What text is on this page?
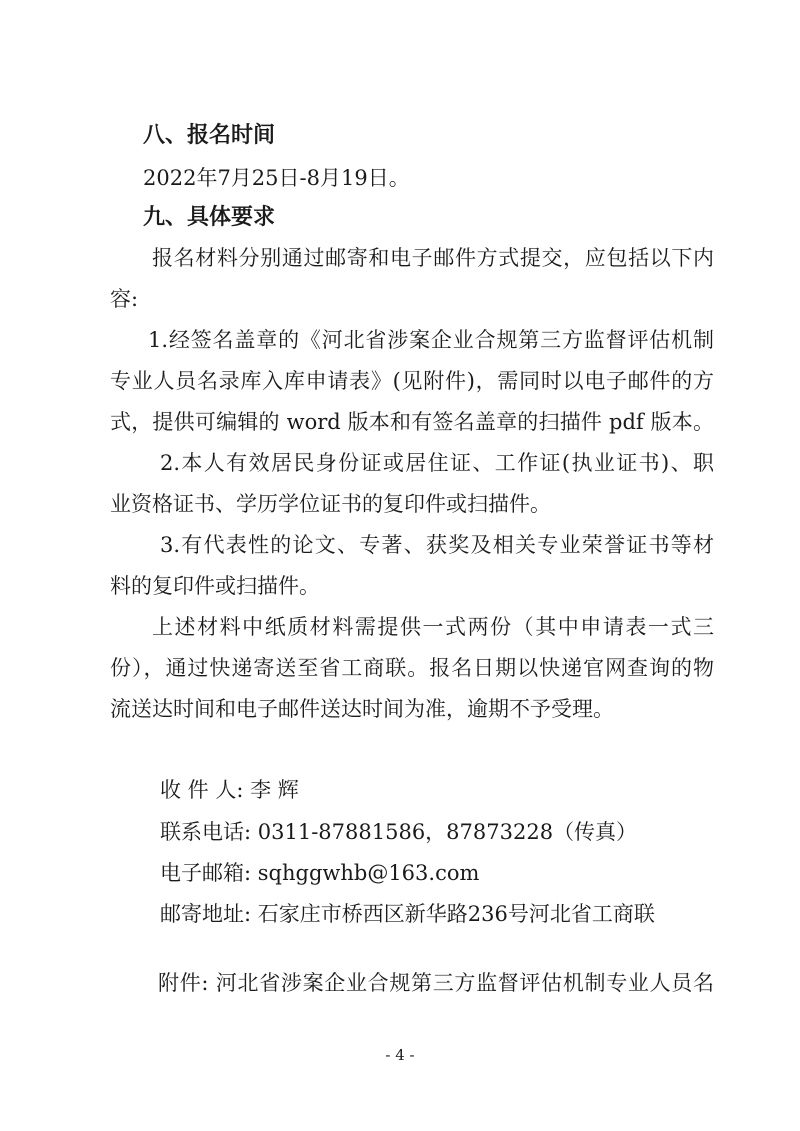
八、报名时间
2022年7月25日-8月19日。
九、具体要求
报名材料分别通过邮寄和电子邮件方式提交，应包括以下内
容:
1.经签名盖章的《河北省涉案企业合规第三方监督评估机制
专业人员名录库入库申请表》(见附件)，需同时以电子邮件的方
式，提供可编辑的 word 版本和有签名盖章的扫描件 pdf 版本。
2.本人有效居民身份证或居住证、工作证(执业证书)、职
业资格证书、学历学位证书的复印件或扫描件。
3.有代表性的论文、专著、获奖及相关专业荣誉证书等材
料的复印件或扫描件。
上述材料中纸质材料需提供一式两份（其中申请表一式三
份），通过快递寄送至省工商联。报名日期以快递官网查询的物
流送达时间和电子邮件送达时间为准，逾期不予受理。
收 件 人: 李 辉
联系电话: 0311-87881586，87873228（传真）
电子邮箱: sqhggwhb@163.com
邮寄地址: 石家庄市桥西区新华路236号河北省工商联
附件: 河北省涉案企业合规第三方监督评估机制专业人员名
- 4 -
